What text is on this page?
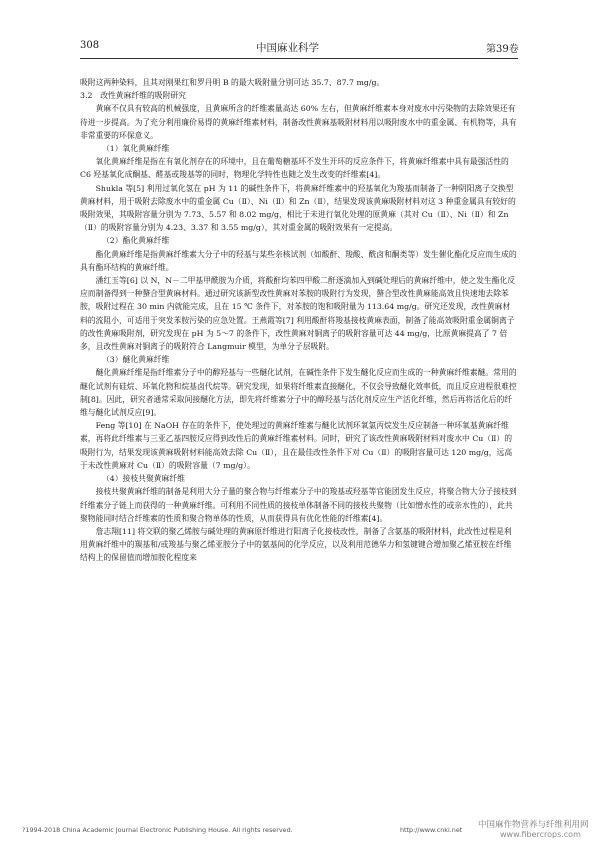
308	中国麻业科学	第39卷

吸附这两种染料，且其对刚果红和罗丹明 B 的最大吸附量分别可达 35.7、87.7 mg/g。

3.2　改性黄麻纤维的吸附研究

黄麻不仅具有较高的机械强度，且黄麻所含的纤维素量高达 60% 左右，但黄麻纤维素本身对废水中污染物的去除效果还有待进一步提高。为了充分利用廉价易得的黄麻纤维素材料，制备改性黄麻基吸附材料用以吸附废水中的重金属、有机物等，具有非常重要的环保意义。

（1）氧化黄麻纤维

氧化黄麻纤维是指在有氧化剂存在的环境中，且在葡萄糖基环不发生开环的反应条件下，将黄麻纤维素中具有最强活性的 C6 羟基氧化成酮基、醛基或羧基等的同时，物理化学特性也随之发生改变的纤维素[4]。

Shukla 等[5] 利用过氧化氢在 pH 为 11 的碱性条件下，将黄麻纤维素中的羟基氧化为羧基而制备了一种阴阳离子交换型黄麻材料，用于吸附去除废水中的重金属 Cu（Ⅱ）、Ni（Ⅱ）和 Zn（Ⅱ），结果发现该黄麻吸附材料对这 3 种重金属具有较好的吸附效果，其吸附容量分别为 7.73、5.57 和 8.02 mg/g，相比于未进行氧化处理的原黄麻（其对 Cu（Ⅱ）、Ni（Ⅱ）和 Zn（Ⅱ）的吸附容量分别为 4.23、3.37 和 3.55 mg/g），其对重金属的吸附效果有一定提高。

（2）酯化黄麻纤维

酯化黄麻纤维是指黄麻纤维素大分子中的羟基与某些亲核试剂（如酸酐、羧酸、酰卤和酮类等）发生催化酯化反应而生成的具有酯环结构的黄麻纤维。

潘红玉等[6] 以 N，N－二甲基甲酰胺为介质，将酸酐均苯四甲酸二酐逐滴加入到碱处理后的黄麻纤维中，使之发生酯化反应而制备得到一种螯合型黄麻材料。通过研究该新型改性黄麻对苯胺的吸附行为发现，螯合型改性黄麻能高效且快速地去除苯胺，吸附过程在 30 min 内就能完成，且在 15 ℃ 条件下，对苯胺的饱和吸附量为 113.64 mg/g。研究还发现，改性黄麻材料的流阻小，可适用于突发苯胺污染的应急处置。王燕霞等[7] 利用酸酐将羧基接枝黄麻表面，制备了能高效吸附重金属铜离子的改性黄麻吸附剂，研究发现在 pH 为 5～7 的条件下，改性黄麻对铜离子的吸附容量可达 44 mg/g，比原黄麻提高了 7 倍多，且改性黄麻对铜离子的吸附符合 Langmuir 模型，为单分子层吸附。

（3）醚化黄麻纤维

醚化黄麻纤维是指纤维素分子中的醇羟基与一些醚化试剂，在碱性条件下发生醚化反应而生成的一种黄麻纤维素醚。常用的醚化试剂有硅烷、环氧化物和烷基卤代烷等。研究发现，如果将纤维素直接醚化，不仅会导致醚化效率低，而且反应进程很难控制[8]。因此，研究者通常采取间接醚化方法，即先将纤维素分子中的醇羟基与活化剂反应生产活化纤维，然后再将活化后的纤维与醚化试剂反应[9]。

Feng 等[10] 在 NaOH 存在的条件下，使处理过的黄麻纤维素与醚化试剂环氧氯丙烷发生反应制备一种环氧基黄麻纤维素，再将此纤维素与三亚乙基四胺反应得到改性后的黄麻纤维素材料。同时，研究了该改性黄麻吸附材料对废水中 Cu（Ⅱ）的吸附行为，结果发现该黄麻吸附材料能高效去除 Cu（Ⅱ），且在最佳改性条件下对 Cu（Ⅱ）的吸附容量可达 120 mg/g，远高于未改性黄麻对 Cu（Ⅱ）的吸附容量（7 mg/g）。

（4）接枝共聚黄麻纤维

接枝共聚黄麻纤维的制备是利用大分子量的聚合物与纤维素分子中的羧基或羟基等官能团发生反应，将聚合物大分子接枝到纤维素分子链上而获得的一种黄麻纤维。可利用不同性质的接枝单体制备不同的接枝共聚物（比如憎水性的或亲水性的），此共聚物能同时结合纤维素的性质和聚合物单体的性质，从而获得具有优化性能的纤维素[4]。

詹志翔[11] 将交联的聚乙烯胺与碱处理的黄麻原纤维进行阳离子化接枝改性，制备了含氨基的吸附材料，此改性过程是利用黄麻纤维中的羰基和/或羧基与聚乙烯亚胺分子中的氨基间的化学反应，以及利用范德华力和氢键键合增加聚乙烯亚胺在纤维结构上的保留值而增加胺化程度来

?1994-2018 China Academic Journal Electronic Publishing House. All rights reserved.	http://www.cnki.net 中国麻作物营养与纤维利用网
www.fibercrops.com
